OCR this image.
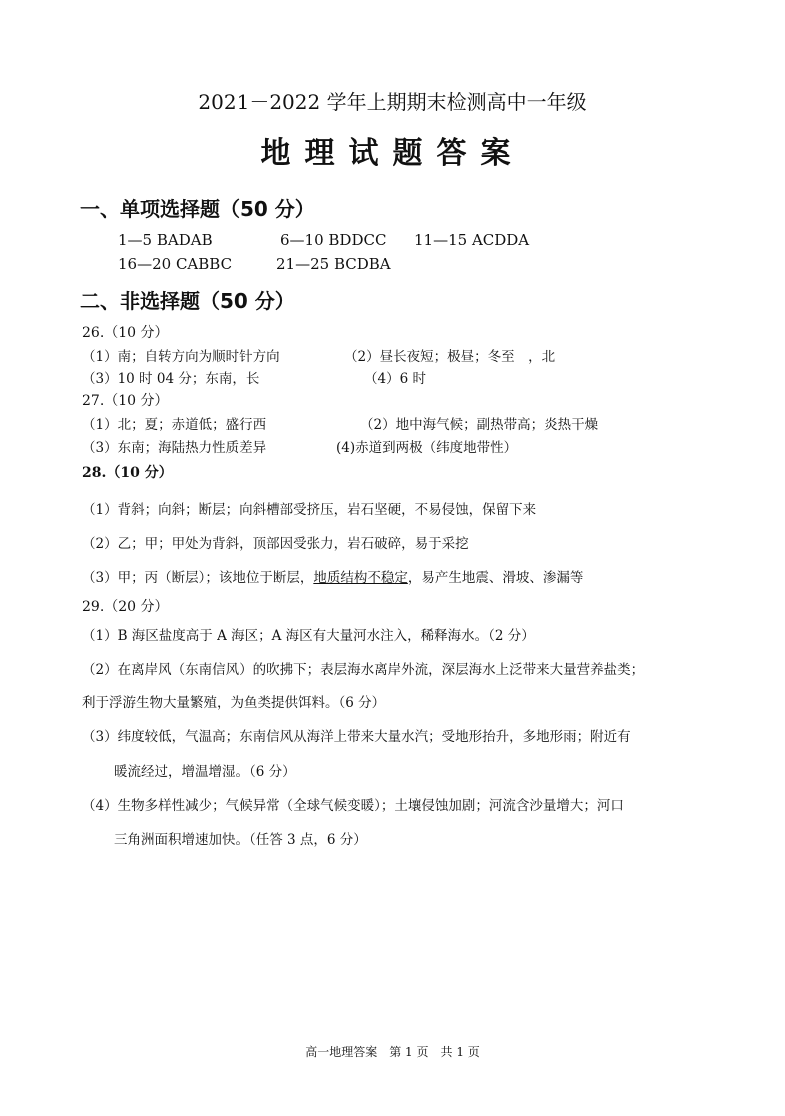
2021－2022 学年上期期末检测高中一年级
地理试题答案
一、单项选择题（50 分）
1—5 BADAB	6—10 BDDCC 11—15 ACDDA
16—20 CABBC	21—25 BCDBA
二、非选择题（50 分）
26.（10 分）
（1）南；自转方向为顺时针方向	（2）昼长夜短；极昼；冬至　，北
（3）10 时 04 分；东南，长	（4）6 时
27.（10 分）
（1）北；夏；赤道低；盛行西	（2）地中海气候；副热带高；炎热干燥
（3）东南；海陆热力性质差异	(4)赤道到两极（纬度地带性）
28.（10 分）
（1）背斜；向斜；断层；向斜槽部受挤压，岩石坚硬，不易侵蚀，保留下来
（2）乙；甲；甲处为背斜，顶部因受张力，岩石破碎，易于采挖
（3）甲；丙（断层）；该地位于断层，地质结构不稳定，易产生地震、滑坡、渗漏等
29.（20 分）
（1）B 海区盐度高于 A 海区；A 海区有大量河水注入，稀释海水。（2 分）
（2）在离岸风（东南信风）的吹拂下；表层海水离岸外流，深层海水上泛带来大量营养盐类；
利于浮游生物大量繁殖，为鱼类提供饵料。（6 分）
（3）纬度较低，气温高；东南信风从海洋上带来大量水汽；受地形抬升，多地形雨；附近有
暖流经过，增温增湿。（6 分）
（4）生物多样性减少；气候异常（全球气候变暖）；土壤侵蚀加剧；河流含沙量增大；河口
三角洲面积增速加快。（任答 3 点，6 分）
高一地理答案　第 1 页　共 1 页
